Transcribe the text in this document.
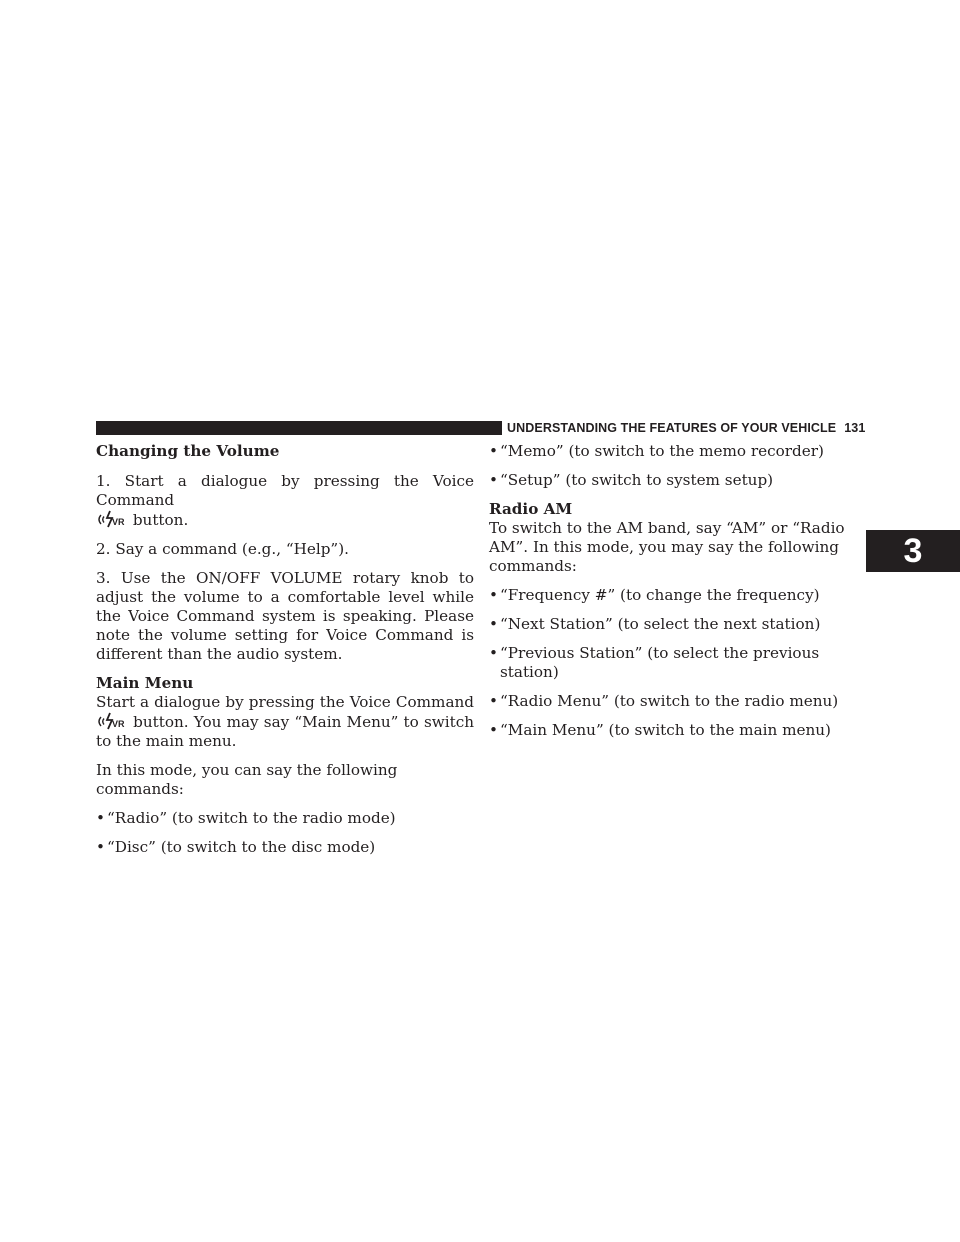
UNDERSTANDING THE FEATURES OF YOUR VEHICLE 131
3

Changing the Volume

1. Start a dialogue by pressing the Voice Command

VR button.

2. Say a command (e.g., “Help”).

3. Use the ON/OFF VOLUME rotary knob to adjust the volume to a comfortable level while the Voice Command system is speaking. Please note the volume setting for Voice Command is different than the audio system.

Main Menu

Start a dialogue by pressing the Voice Command
VR button. You may say “Main Menu” to switch to the main menu.

In this mode, you can say the following commands:

• “Radio” (to switch to the radio mode)

• “Disc” (to switch to the disc mode)

• “Memo” (to switch to the memo recorder)

• “Setup” (to switch to system setup)

Radio AM

To switch to the AM band, say “AM” or “Radio AM”. In this mode, you may say the following commands:

• “Frequency #” (to change the frequency)

• “Next Station” (to select the next station)

• “Previous Station” (to select the previous station)

• “Radio Menu” (to switch to the radio menu)

• “Main Menu” (to switch to the main menu)
